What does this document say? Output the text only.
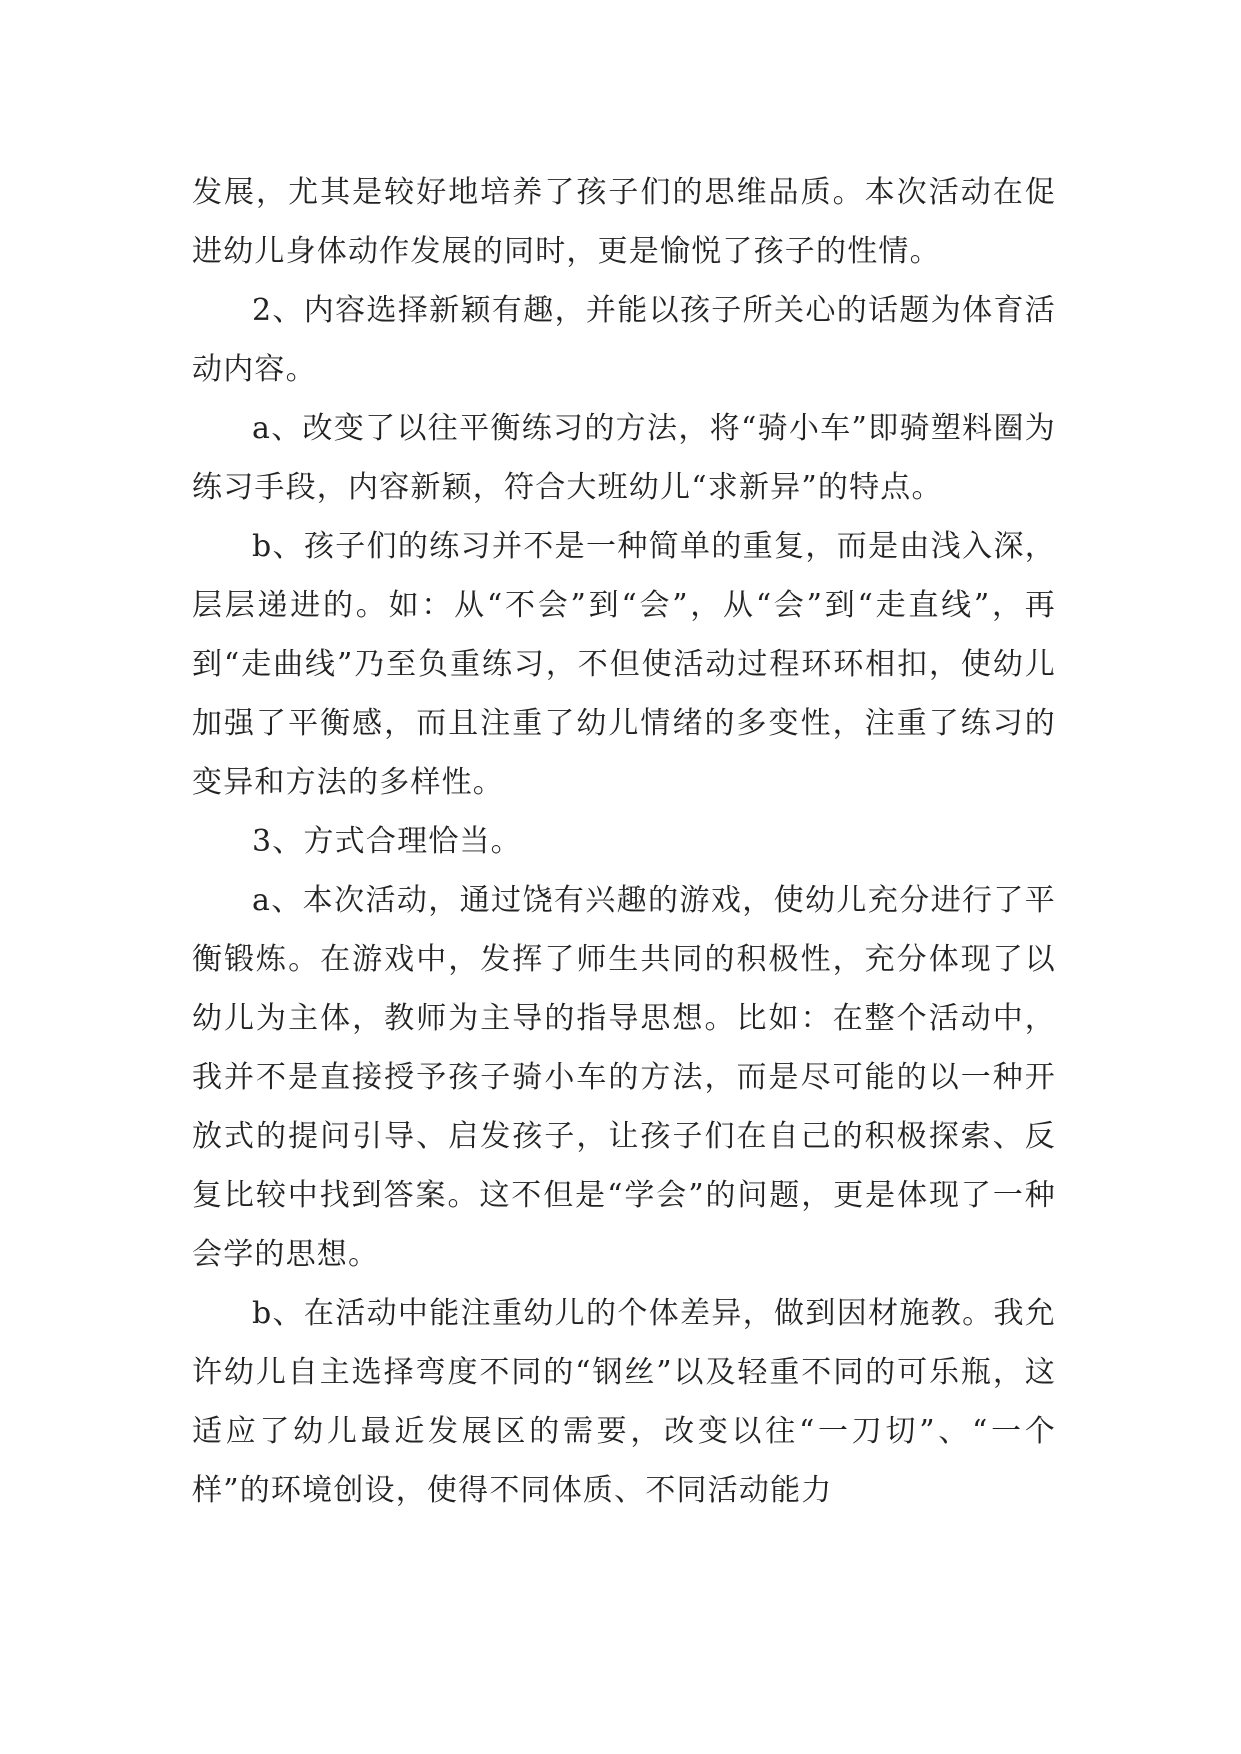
发展，尤其是较好地培养了孩子们的思维品质。本次活动在促进幼儿身体动作发展的同时，更是愉悦了孩子的性情。

2、内容选择新颖有趣，并能以孩子所关心的话题为体育活动内容。

a、改变了以往平衡练习的方法，将“骑小车”即骑塑料圈为练习手段，内容新颖，符合大班幼儿“求新异”的特点。

b、孩子们的练习并不是一种简单的重复，而是由浅入深，层层递进的。如：从“不会”到“会”，从“会”到“走直线”，再到“走曲线”乃至负重练习，不但使活动过程环环相扣，使幼儿加强了平衡感，而且注重了幼儿情绪的多变性，注重了练习的变异和方法的多样性。

3、方式合理恰当。

a、本次活动，通过饶有兴趣的游戏，使幼儿充分进行了平衡锻炼。在游戏中，发挥了师生共同的积极性，充分体现了以幼儿为主体，教师为主导的指导思想。比如：在整个活动中，我并不是直接授予孩子骑小车的方法，而是尽可能的以一种开放式的提问引导、启发孩子，让孩子们在自己的积极探索、反复比较中找到答案。这不但是“学会”的问题，更是体现了一种会学的思想。

b、在活动中能注重幼儿的个体差异，做到因材施教。我允许幼儿自主选择弯度不同的“钢丝”以及轻重不同的可乐瓶，这适应了幼儿最近发展区的需要，改变以往“一刀切”、“一个样”的环境创设，使得不同体质、不同活动能力
